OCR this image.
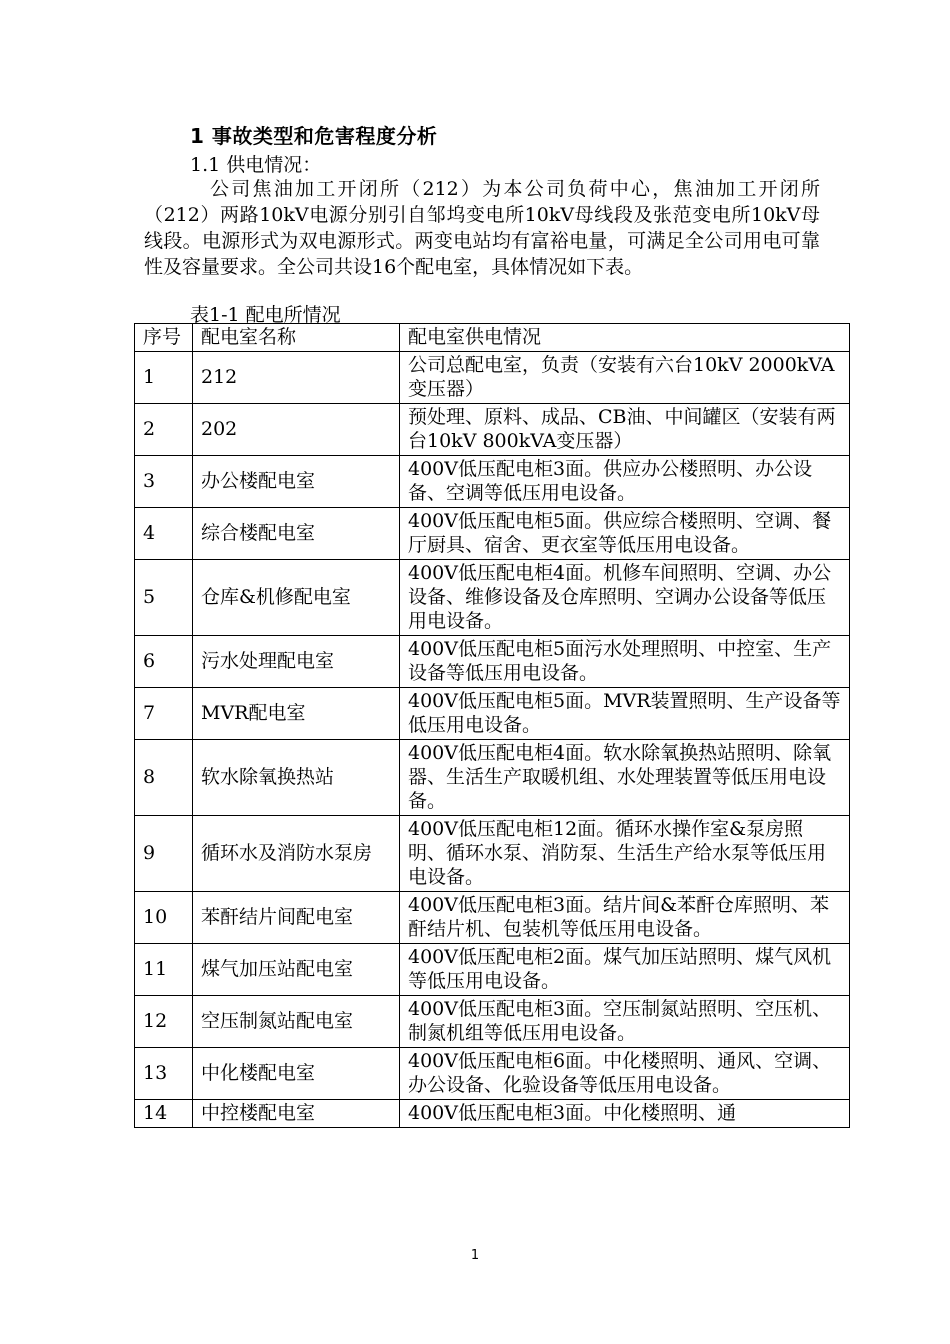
1 事故类型和危害程度分析
1.1 供电情况：

公司焦油加工开闭所（212）为本公司负荷中心，焦油加工开闭所（212）两路10kV电源分别引自邹坞变电所10kV母线段及张范变电所10kV母线段。电源形式为双电源形式。两变电站均有富裕电量，可满足全公司用电可靠性及容量要求。全公司共设16个配电室，具体情况如下表。

表1-1 配电所情况
序号	配电室名称	配电室供电情况
1	212	公司总配电室，负责（安装有六台10kV 2000kVA变压器）
2	202	预处理、原料、成品、CB油、中间罐区（安装有两台10kV 800kVA变压器）
3	办公楼配电室	400V低压配电柜3面。供应办公楼照明、办公设备、空调等低压用电设备。
4	综合楼配电室	400V低压配电柜5面。供应综合楼照明、空调、餐厅厨具、宿舍、更衣室等低压用电设备。
5	仓库&机修配电室	400V低压配电柜4面。机修车间照明、空调、办公设备、维修设备及仓库照明、空调办公设备等低压用电设备。
6	污水处理配电室	400V低压配电柜5面污水处理照明、中控室、生产设备等低压用电设备。
7	MVR配电室	400V低压配电柜5面。MVR装置照明、生产设备等低压用电设备。
8	软水除氧换热站	400V低压配电柜4面。软水除氧换热站照明、除氧器、生活生产取暖机组、水处理装置等低压用电设备。
9	循环水及消防水泵房	400V低压配电柜12面。循环水操作室&泵房照明、循环水泵、消防泵、生活生产给水泵等低压用电设备。
10	苯酐结片间配电室	400V低压配电柜3面。结片间&苯酐仓库照明、苯酐结片机、包装机等低压用电设备。
11	煤气加压站配电室	400V低压配电柜2面。煤气加压站照明、煤气风机等低压用电设备。
12	空压制氮站配电室	400V低压配电柜3面。空压制氮站照明、空压机、制氮机组等低压用电设备。
13	中化楼配电室	400V低压配电柜6面。中化楼照明、通风、空调、办公设备、化验设备等低压用电设备。
14	中控楼配电室	400V低压配电柜3面。中化楼照明、通
1
